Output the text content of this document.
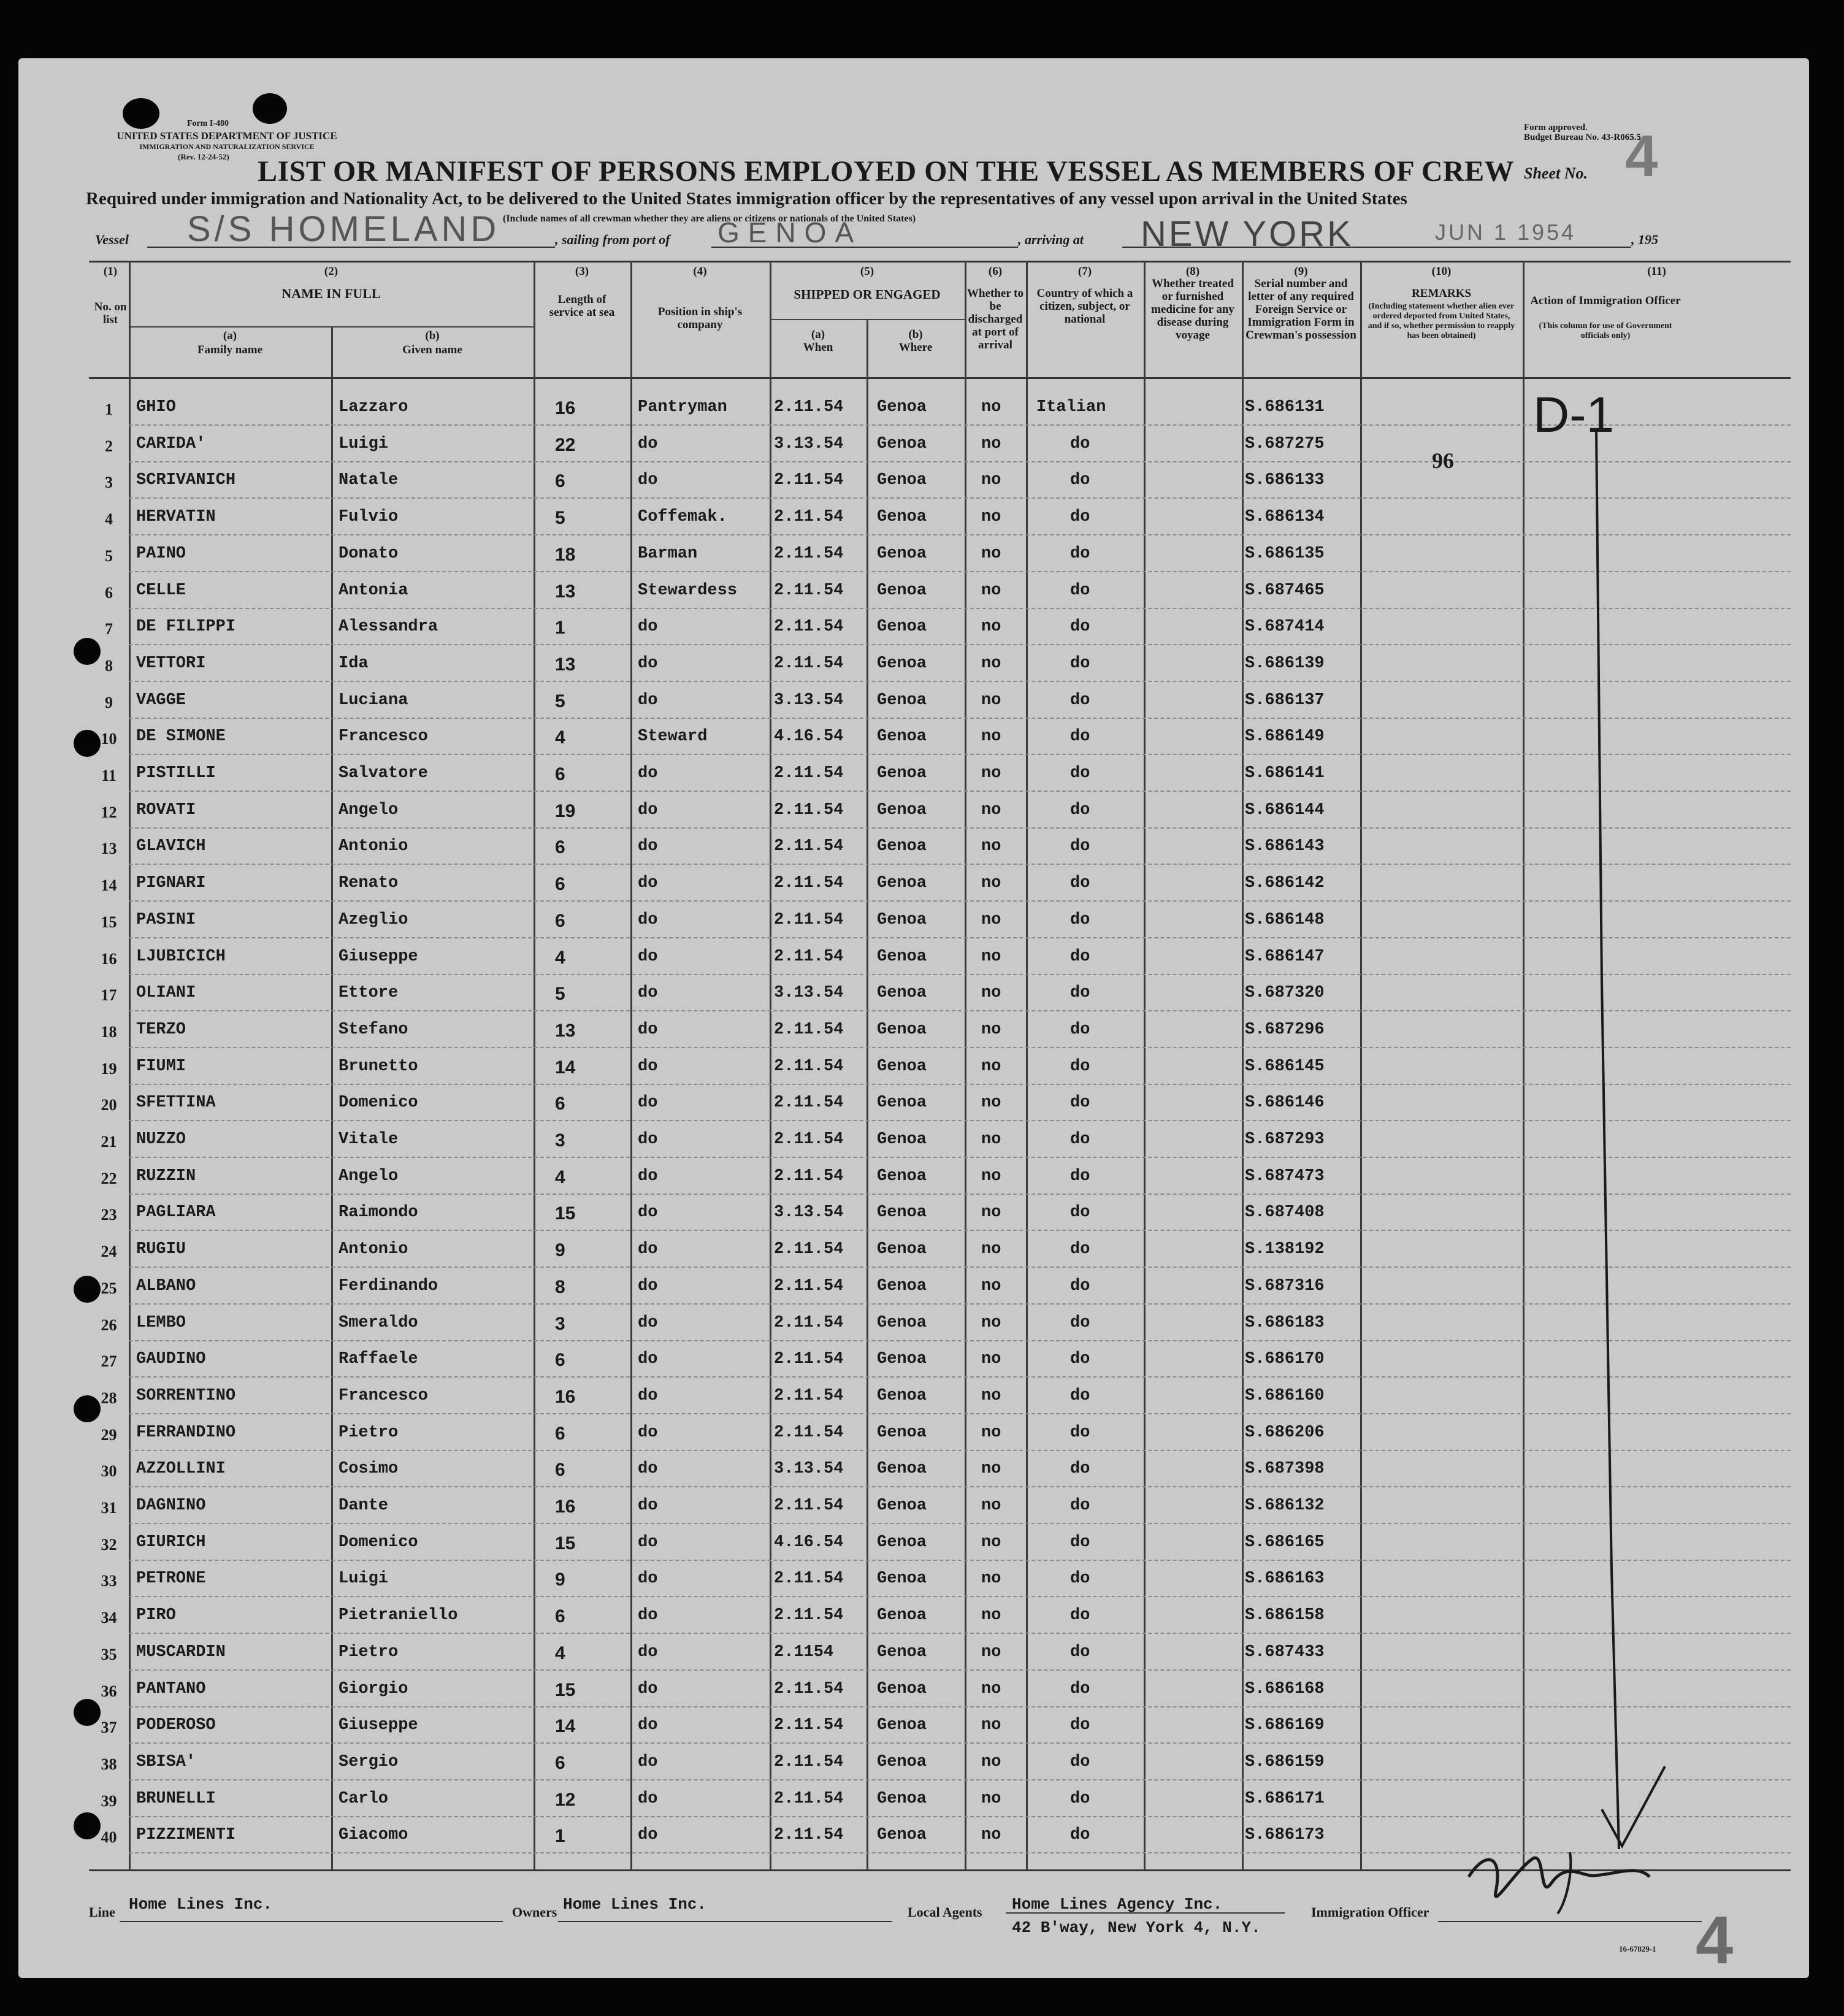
UNITED STATES DEPARTMENT OF JUSTICE
IMMIGRATION AND NATURALIZATION SERVICE
Form I-480
(Rev. 12-24-52)
Form approved.
Budget Bureau No. 43-R065.5.
LIST OR MANIFEST OF PERSONS EMPLOYED ON THE VESSEL AS MEMBERS OF CREW Sheet No. 4
Required under immigration and Nationality Act, to be delivered to the United States immigration officer by the representatives of any vessel upon arrival in the United States
(Include names of all crewman whether they are aliens or citizens or nationals of the United States)
Vessel S/S HOMELAND	, sailing from port of GENOA	, arriving at NEW YORK	JUN 1 1954	, 195
(1)
No. on list
(2)
NAME IN FULL
(a)
Family name
(b)
Given name
(3)
Length of service at sea
(4)
Position in ship's company
(5)
SHIPPED OR ENGAGED
(a)
When
(b)
Where
(6)
Whether to be discharged at port of arrival
(7)
Country of which a citizen, subject, or national
(8)
Whether treated or furnished medicine for any disease during voyage
(9)
Serial number and letter of any required Foreign Service or Immigration Form in Crewman's possession
(10)
REMARKS
(Including statement whether alien ever ordered deported from United States, and if so, whether permission to reapply has been obtained)
(11)
Action of Immigration Officer
(This column for use of Government officials only)
1	GHIO	Lazzaro	16	Pantryman	2.11.54 Genoa	no Italian	S.686131
2	CARIDA'	Luigi	22	do	3.13.54 Genoa	no	do	S.687275
3	SCRIVANICH	Natale	6	do	2.11.54 Genoa	no	do	S.686133
4	HERVATIN	Fulvio	5	Coffemak.	2.11.54 Genoa	no	do	S.686134
5	PAINO	Donato	18	Barman	2.11.54 Genoa	no	do	S.686135
6	CELLE	Antonia	13	Stewardess 2.11.54 Genoa	no	do	S.687465
7	DE FILIPPI	Alessandra	1	do	2.11.54 Genoa	no	do	S.687414
8	VETTORI	Ida	13	do	2.11.54 Genoa	no	do	S.686139
9	VAGGE	Luciana	5	do	3.13.54 Genoa	no	do	S.686137
10	DE SIMONE	Francesco	4	Steward	4.16.54 Genoa	no	do	S.686149
11	PISTILLI	Salvatore	6	do	2.11.54 Genoa	no	do	S.686141
12	ROVATI	Angelo	19	do	2.11.54 Genoa	no	do	S.686144
13	GLAVICH	Antonio	6	do	2.11.54 Genoa	no	do	S.686143
14	PIGNARI	Renato	6	do	2.11.54 Genoa	no	do	S.686142
15	PASINI	Azeglio	6	do	2.11.54 Genoa	no	do	S.686148
16	LJUBICICH	Giuseppe	4	do	2.11.54 Genoa	no	do	S.686147
17	OLIANI	Ettore	5	do	3.13.54 Genoa	no	do	S.687320
18	TERZO	Stefano	13	do	2.11.54 Genoa	no	do	S.687296
19	FIUMI	Brunetto	14	do	2.11.54 Genoa	no	do	S.686145
20	SFETTINA	Domenico	6	do	2.11.54 Genoa	no	do	S.686146
21	NUZZO	Vitale	3	do	2.11.54 Genoa	no	do	S.687293
22	RUZZIN	Angelo	4	do	2.11.54 Genoa	no	do	S.687473
23	PAGLIARA	Raimondo	15	do	3.13.54 Genoa	no	do	S.687408
24	RUGIU	Antonio	9	do	2.11.54 Genoa	no	do	S.138192
25	ALBANO	Ferdinando	8	do	2.11.54 Genoa	no	do	S.687316
26	LEMBO	Smeraldo	3	do	2.11.54 Genoa	no	do	S.686183
27	GAUDINO	Raffaele	6	do	2.11.54 Genoa	no	do	S.686170
28	SORRENTINO	Francesco	16	do	2.11.54 Genoa	no	do	S.686160
29	FERRANDINO	Pietro	6	do	2.11.54 Genoa	no	do	S.686206
30	AZZOLLINI	Cosimo	6	do	3.13.54 Genoa	no	do	S.687398
31	DAGNINO	Dante	16	do	2.11.54 Genoa	no	do	S.686132
32	GIURICH	Domenico	15	do	4.16.54 Genoa	no	do	S.686165
33	PETRONE	Luigi	9	do	2.11.54 Genoa	no	do	S.686163
34	PIRO	Pietraniello	6	do	2.11.54 Genoa	no	do	S.686158
35	MUSCARDIN	Pietro	4	do	2.1154	Genoa	no	do	S.687433
36	PANTANO	Giorgio	15	do	2.11.54 Genoa	no	do	S.686168
37	PODEROSO	Giuseppe	14	do	2.11.54 Genoa	no	do	S.686169
38	SBISA'	Sergio	6	do	2.11.54 Genoa	no	do	S.686159
39	BRUNELLI	Carlo	12	do	2.11.54 Genoa	no	do	S.686171
40	PIZZIMENTI	Giacomo	1	do	2.11.54 Genoa	no	do	S.686173
D-1
96
Line Home Lines Inc.	Owners Home Lines Inc.	Local Agents Home Lines Agency Inc.
42 B'way, New York 4, N.Y.
Immigration Officer
16-67829-1 4
